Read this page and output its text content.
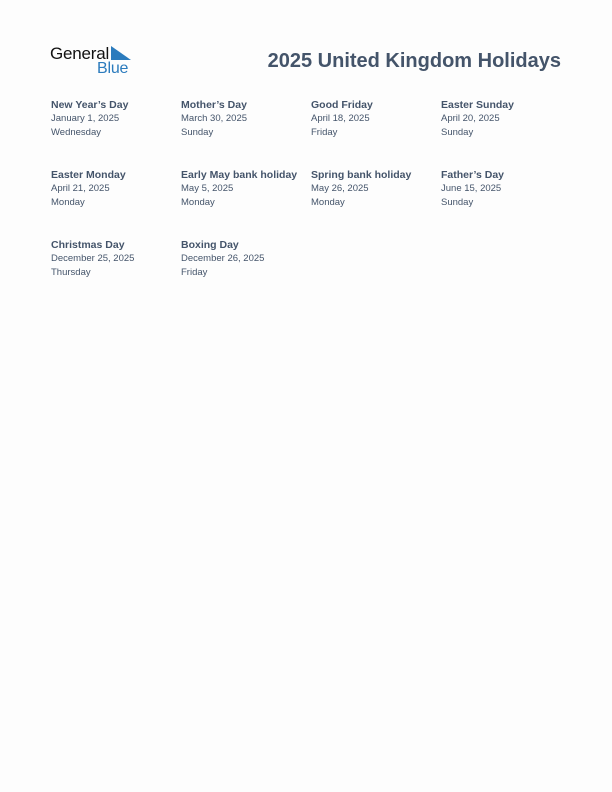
General
Blue	2025 United Kingdom Holidays
New Year’s Day
January 1, 2025
Wednesday
Mother’s Day
March 30, 2025
Sunday
Good Friday
April 18, 2025
Friday
Easter Sunday
April 20, 2025
Sunday
Easter Monday
April 21, 2025
Monday
Early May bank holiday
May 5, 2025
Monday
Spring bank holiday
May 26, 2025
Monday
Father’s Day
June 15, 2025
Sunday
Christmas Day
December 25, 2025
Thursday
Boxing Day
December 26, 2025
Friday
